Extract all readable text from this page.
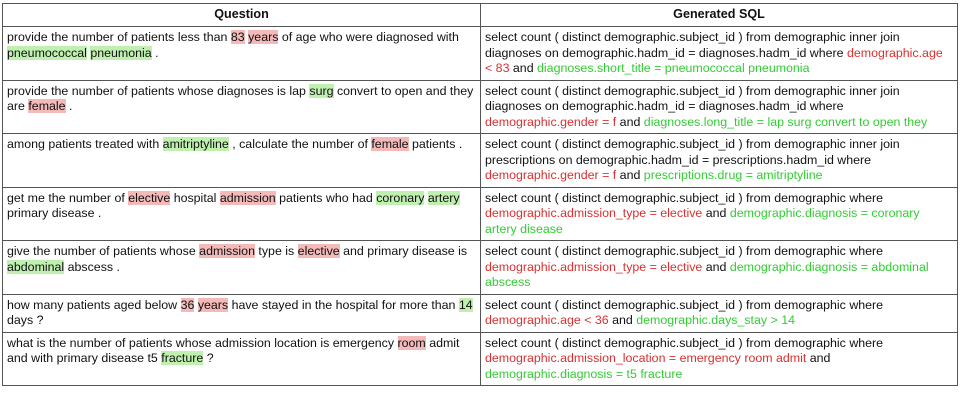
Question	Generated SQL
provide the number of patients less than 83 years of age who were diagnosed with pneumococcal pneumonia .	select count ( distinct demographic.subject_id ) from demographic inner join diagnoses on demographic.hadm_id = diagnoses.hadm_id where demographic.age < 83 and diagnoses.short_title = pneumococcal pneumonia
provide the number of patients whose diagnoses is lap surg convert to open and they are female .	select count ( distinct demographic.subject_id ) from demographic inner join diagnoses on demographic.hadm_id = diagnoses.hadm_id where demographic.gender = f and diagnoses.long_title = lap surg convert to open they
among patients treated with amitriptyline , calculate the number of female patients .	select count ( distinct demographic.subject_id ) from demographic inner join prescriptions on demographic.hadm_id = prescriptions.hadm_id where demographic.gender = f and prescriptions.drug = amitriptyline
get me the number of elective hospital admission patients who had coronary artery primary disease .	select count ( distinct demographic.subject_id ) from demographic where demographic.admission_type = elective and demographic.diagnosis = coronary artery disease
give the number of patients whose admission type is elective and primary disease is abdominal abscess .	select count ( distinct demographic.subject_id ) from demographic where demographic.admission_type = elective and demographic.diagnosis = abdominal abscess
how many patients aged below 36 years have stayed in the hospital for more than 14 days ?	select count ( distinct demographic.subject_id ) from demographic where demographic.age < 36 and demographic.days_stay > 14
what is the number of patients whose admission location is emergency room admit and with primary disease t5 fracture ?	select count ( distinct demographic.subject_id ) from demographic where demographic.admission_location = emergency room admit and demographic.diagnosis = t5 fracture
